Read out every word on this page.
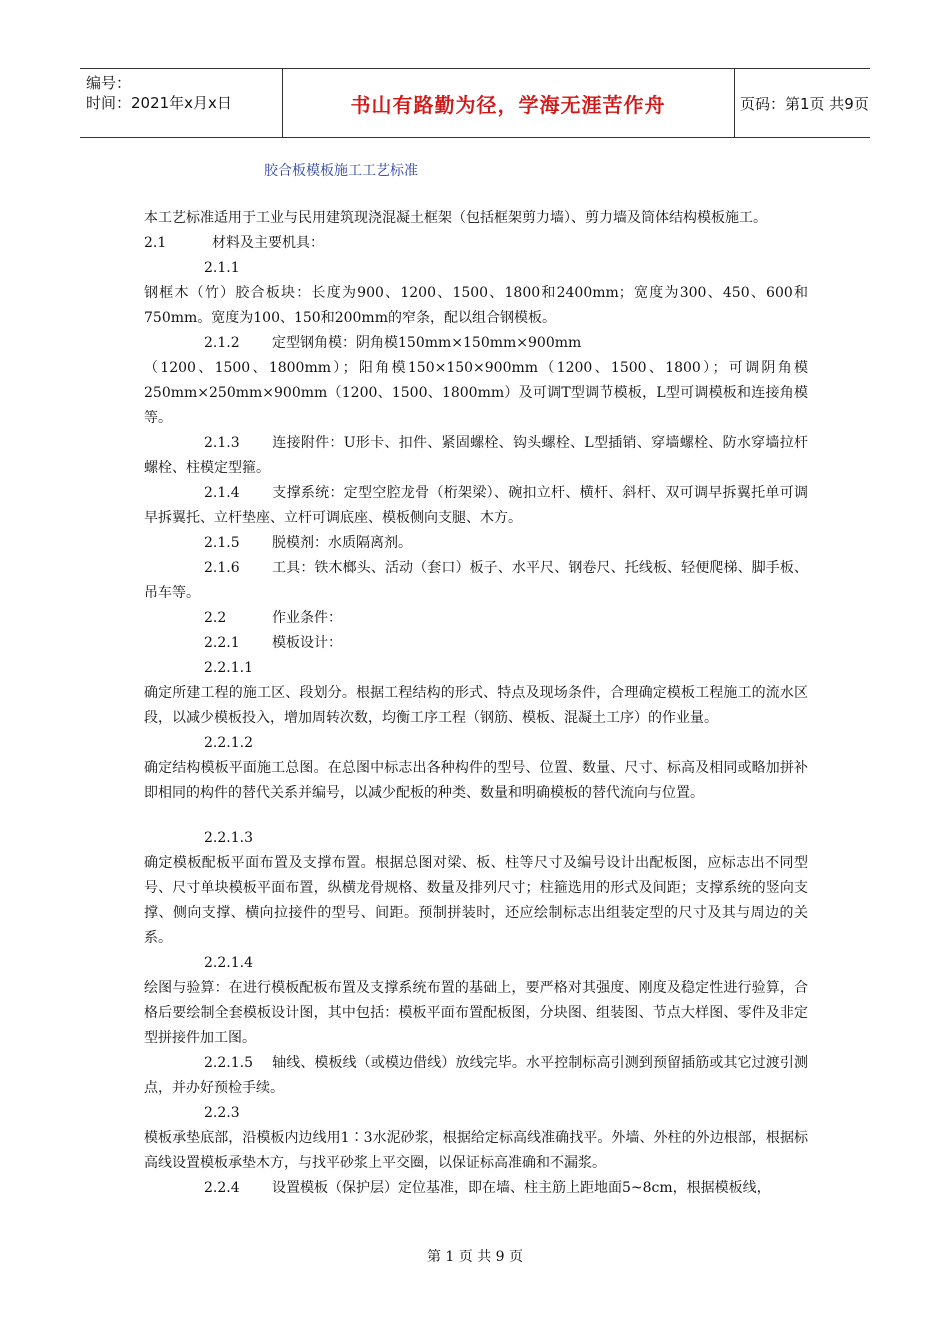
编号：
时间：2021年x月x日	书山有路勤为径，学海无涯苦作舟	页码：第1页 共9页
胶合板模板施工工艺标准

本工艺标准适用于工业与民用建筑现浇混凝土框架（包括框架剪力墙）、剪力墙及筒体结构模板施工。

2.1	材料及主要机具：

2.1.1

钢框木（竹）胶合板块：长度为900、1200、1500、1800和2400mm；宽度为300、450、600和750mm。宽度为100、150和200mm的窄条，配以组合钢模板。

2.1.2 定型钢角模：阴角模150mm×150mm×900mm

（1200、1500、1800mm）；阳角模150×150×900mm（1200、1500、1800）；可调阴角模250mm×250mm×900mm（1200、1500、1800mm）及可调T型调节模板，L型可调模板和连接角模等。

2.1.3 连接附件：U形卡、扣件、紧固螺栓、钩头螺栓、L型插销、穿墙螺栓、防水穿墙拉杆螺栓、柱模定型箍。

2.1.4 支撑系统：定型空腔龙骨（桁架梁）、碗扣立杆、横杆、斜杆、双可调早拆翼托单可调早拆翼托、立杆垫座、立杆可调底座、模板侧向支腿、木方。

2.1.5 脱模剂：水质隔离剂。

2.1.6 工具：铁木榔头、活动（套口）板子、水平尺、钢卷尺、托线板、轻便爬梯、脚手板、吊车等。

2.2	作业条件：

2.2.1 模板设计：

2.2.1.1

确定所建工程的施工区、段划分。根据工程结构的形式、特点及现场条件，合理确定模板工程施工的流水区段，以减少模板投入，增加周转次数，均衡工序工程（钢筋、模板、混凝土工序）的作业量。

2.2.1.2

确定结构模板平面施工总图。在总图中标志出各种构件的型号、位置、数量、尺寸、标高及相同或略加拼补即相同的构件的替代关系并编号，以减少配板的种类、数量和明确模板的替代流向与位置。

2.2.1.3

确定模板配板平面布置及支撑布置。根据总图对梁、板、柱等尺寸及编号设计出配板图，应标志出不同型号、尺寸单块模板平面布置，纵横龙骨规格、数量及排列尺寸；柱箍选用的形式及间距；支撑系统的竖向支撑、侧向支撑、横向拉接件的型号、间距。预制拼装时，还应绘制标志出组装定型的尺寸及其与周边的关系。

2.2.1.4

绘图与验算：在进行模板配板布置及支撑系统布置的基础上，要严格对其强度、刚度及稳定性进行验算，合格后要绘制全套模板设计图，其中包括：模板平面布置配板图，分块图、组装图、节点大样图、零件及非定型拼接件加工图。

2.2.1.5 轴线、模板线（或模边借线）放线完毕。水平控制标高引测到预留插筋或其它过渡引测点，并办好预检手续。

2.2.3

模板承垫底部，沿模板内边线用1∶3水泥砂浆，根据给定标高线准确找平。外墙、外柱的外边根部，根据标高线设置模板承垫木方，与找平砂浆上平交圈，以保证标高准确和不漏浆。

2.2.4 设置模板（保护层）定位基准，即在墙、柱主筋上距地面5~8cm，根据模板线，

第 1 页 共 9 页
